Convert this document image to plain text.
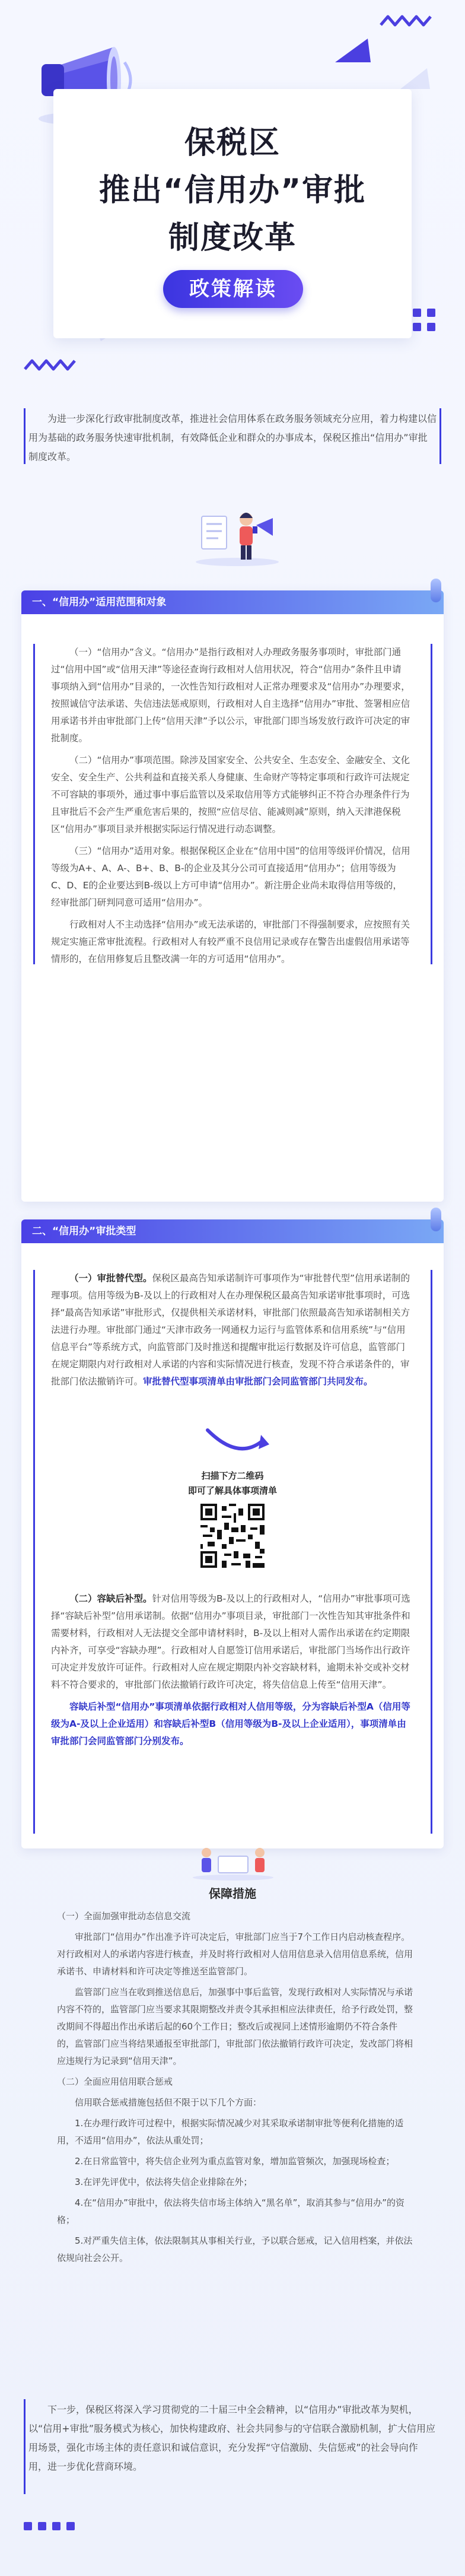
保税区
推出“信用办”审批
制度改革
政策解读
为进一步深化行政审批制度改革，推进社会信用体系在政务服务领域充分应用，着力构建以信用为基础的政务服务快速审批机制，有效降低企业和群众的办事成本，保税区推出“信用办”审批制度改革。
一、“信用办”适用范围和对象

（一）“信用办”含义。“信用办”是指行政相对人办理政务服务事项时，审批部门通过“信用中国”或“信用天津”等途径查询行政相对人信用状况，符合“信用办”条件且申请事项纳入到“信用办”目录的，一次性告知行政相对人正常办理要求及“信用办”办理要求，按照诚信守法承诺、失信违法惩戒原则，行政相对人自主选择“信用办”审批、签署相应信用承诺书并由审批部门上传“信用天津”予以公示，审批部门即当场发放行政许可决定的审批制度。

（二）“信用办”事项范围。除涉及国家安全、公共安全、生态安全、金融安全、文化安全、安全生产、公共利益和直接关系人身健康、生命财产等特定事项和行政许可法规定不可容缺的事项外，通过事中事后监管以及采取信用等方式能够纠正不符合办理条件行为且审批后不会产生严重危害后果的，按照“应信尽信、能减则减”原则，纳入天津港保税区“信用办”事项目录并根据实际运行情况进行动态调整。

（三）“信用办”适用对象。根据保税区企业在“信用中国”的信用等级评价情况，信用等级为A+、A、A-、B+、B、B-的企业及其分公司可直接适用“信用办”；信用等级为C、D、E的企业要达到B-级以上方可申请“信用办”。新注册企业尚未取得信用等级的，经审批部门研判同意可适用“信用办”。

行政相对人不主动选择“信用办”或无法承诺的，审批部门不得强制要求，应按照有关规定实施正常审批流程。行政相对人有较严重不良信用记录或存在警告出虚假信用承诺等情形的，在信用修复后且整改满一年的方可适用“信用办”。

二、“信用办”审批类型

（一）审批替代型。保税区最高告知承诺制许可事项作为“审批替代型”信用承诺制的理事项。信用等级为B-及以上的行政相对人在办理保税区最高告知承诺审批事项时，可选择“最高告知承诺”审批形式，仅提供相关承诺材料，审批部门依照最高告知承诺制相关方法进行办理。审批部门通过“天津市政务一网通权力运行与监管体系和信用系统”与“信用信息平台”等系统方式，向监管部门及时推送和提醒审批运行数据及许可信息，监管部门在规定期限内对行政相对人承诺的内容和实际情况进行核查，发现不符合承诺条件的，审批部门依法撤销许可。审批替代型事项清单由审批部门会同监管部门共同发布。

扫描下方二维码
即可了解具体事项清单

（二）容缺后补型。针对信用等级为B-及以上的行政相对人，“信用办”审批事项可选择“容缺后补型”信用承诺制。依据“信用办”事项目录，审批部门一次性告知其审批条件和需要材料，行政相对人无法提交全部申请材料时，B-及以上相对人需作出承诺在约定期限内补齐，可享受“容缺办理”。行政相对人自愿签订信用承诺后，审批部门当场作出行政许可决定并发放许可证件。行政相对人应在规定期限内补交容缺材料，逾期未补交或补交材料不符合要求的，审批部门依法撤销行政许可决定，将失信信息上传至“信用天津”。

容缺后补型“信用办”事项清单依据行政相对人信用等级，分为容缺后补型A（信用等级为A-及以上企业适用）和容缺后补型B（信用等级为B-及以上企业适用），事项清单由审批部门会同监管部门分别发布。

保障措施

（一）全面加强审批动态信息交流

审批部门“信用办”作出准予许可决定后，审批部门应当于7个工作日内启动核查程序。对行政相对人的承诺内容进行核查，并及时将行政相对人信用信息录入信用信息系统，信用承诺书、申请材料和许可决定等推送至监管部门。

监管部门应当在收到推送信息后，加强事中事后监管，发现行政相对人实际情况与承诺内容不符的，监管部门应当要求其限期整改并责令其承担相应法律责任，给予行政处罚，整改期间不得超出作出承诺后起的60个工作日；整改后或视同上述情形逾期仍不符合条件的，监管部门应当将结果通报至审批部门，审批部门依法撤销行政许可决定，发改部门将相应违规行为记录到“信用天津”。

（二）全面应用信用联合惩戒

信用联合惩戒措施包括但不限于以下几个方面：

1.在办理行政许可过程中，根据实际情况减少对其采取承诺制审批等便利化措施的适用，不适用“信用办”，依法从重处罚；

2.在日常监管中，将失信企业列为重点监管对象，增加监管频次，加强现场检查；

3.在评先评优中，依法将失信企业排除在外；

4.在“信用办”审批中，依法将失信市场主体纳入“黑名单”，取消其参与“信用办”的资格；

5.对严重失信主体，依法限制其从事相关行业，予以联合惩戒，记入信用档案，并依法依规向社会公开。

下一步，保税区将深入学习贯彻党的二十届三中全会精神，以“信用办”审批改革为契机，以“信用+审批”服务模式为核心，加快构建政府、社会共同参与的守信联合激励机制，扩大信用应用场景，强化市场主体的责任意识和诚信意识，充分发挥“守信激励、失信惩戒”的社会导向作用，进一步优化营商环境。
